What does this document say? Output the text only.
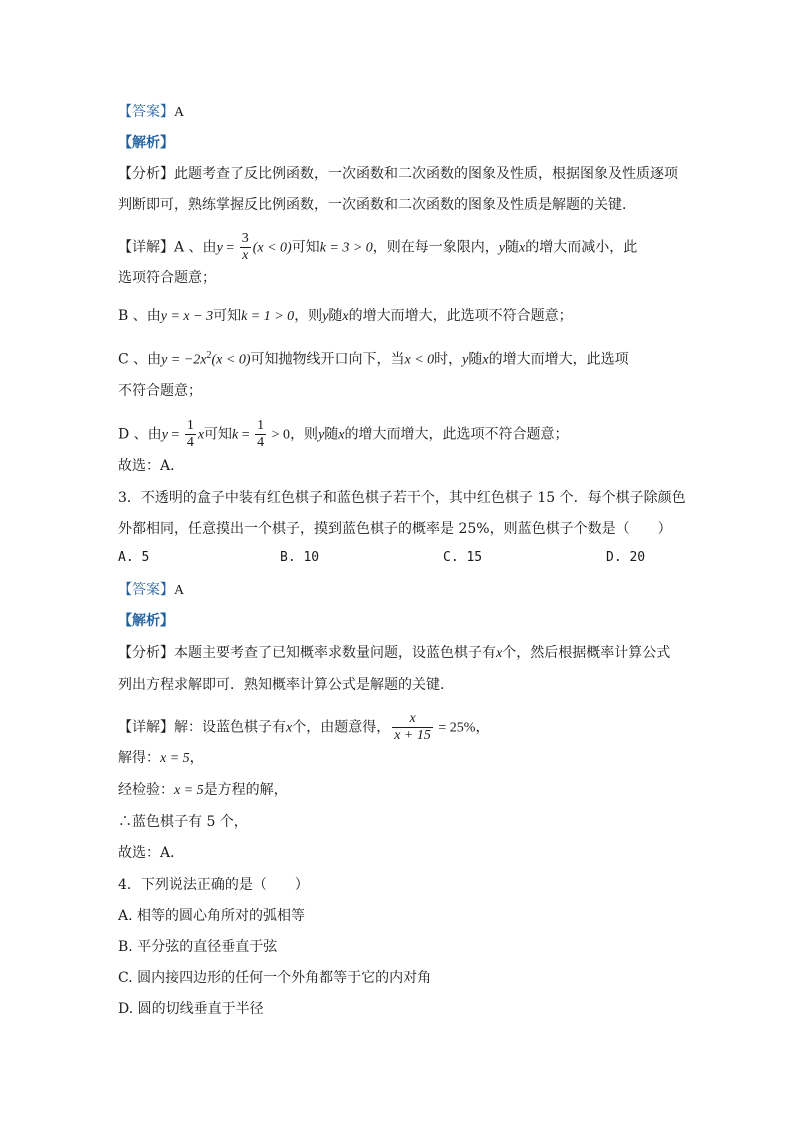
【答案】A
【解析】
【分析】此题考查了反比例函数，一次函数和二次函数的图象及性质，根据图象及性质逐项
判断即可，熟练掌握反比例函数，一次函数和二次函数的图象及性质是解题的关键．
【详解】A 、由$y = \frac{3}{x} (x < 0)$可知k = 3 > 0，则在每一象限内，y随x的增大而减小，此
选项符合题意；
B 、由y = x − 3可知k = 1 > 0，则y随x的增大而增大，此选项不符合题意；
C 、由$y = -2x^2(x < 0)$可知抛物线开口向下，当x < 0时，y随x的增大而增大，此选项
不符合题意；
D 、由$y = \frac{1}{4}$ x可知$k = \frac{1}{4} > 0$，则y随x的增大而增大，此选项不符合题意；
故选：A．
3．不透明的盒子中装有红色棋子和蓝色棋子若干个，其中红色棋子 15 个．每个棋子除颜色
外都相同，任意摸出一个棋子，摸到蓝色棋子的概率是 25%，则蓝色棋子个数是（　　）
A. 5	B. 10	C. 15	D. 20
【答案】A
【解析】
【分析】本题主要考查了已知概率求数量问题，设蓝色棋子有x个，然后根据概率计算公式
列出方程求解即可．熟知概率计算公式是解题的关键．
【详解】解：设蓝色棋子有x个，由题意得， $\frac{x}{x + 15} = 25\%$，
解得：x = 5，
经检验：x = 5是方程的解，
∴蓝色棋子有 5 个，
故选：A．
4．下列说法正确的是（　　）
A. 相等的圆心角所对的弧相等
B. 平分弦的直径垂直于弦
C. 圆内接四边形的任何一个外角都等于它的内对角
D. 圆的切线垂直于半径
